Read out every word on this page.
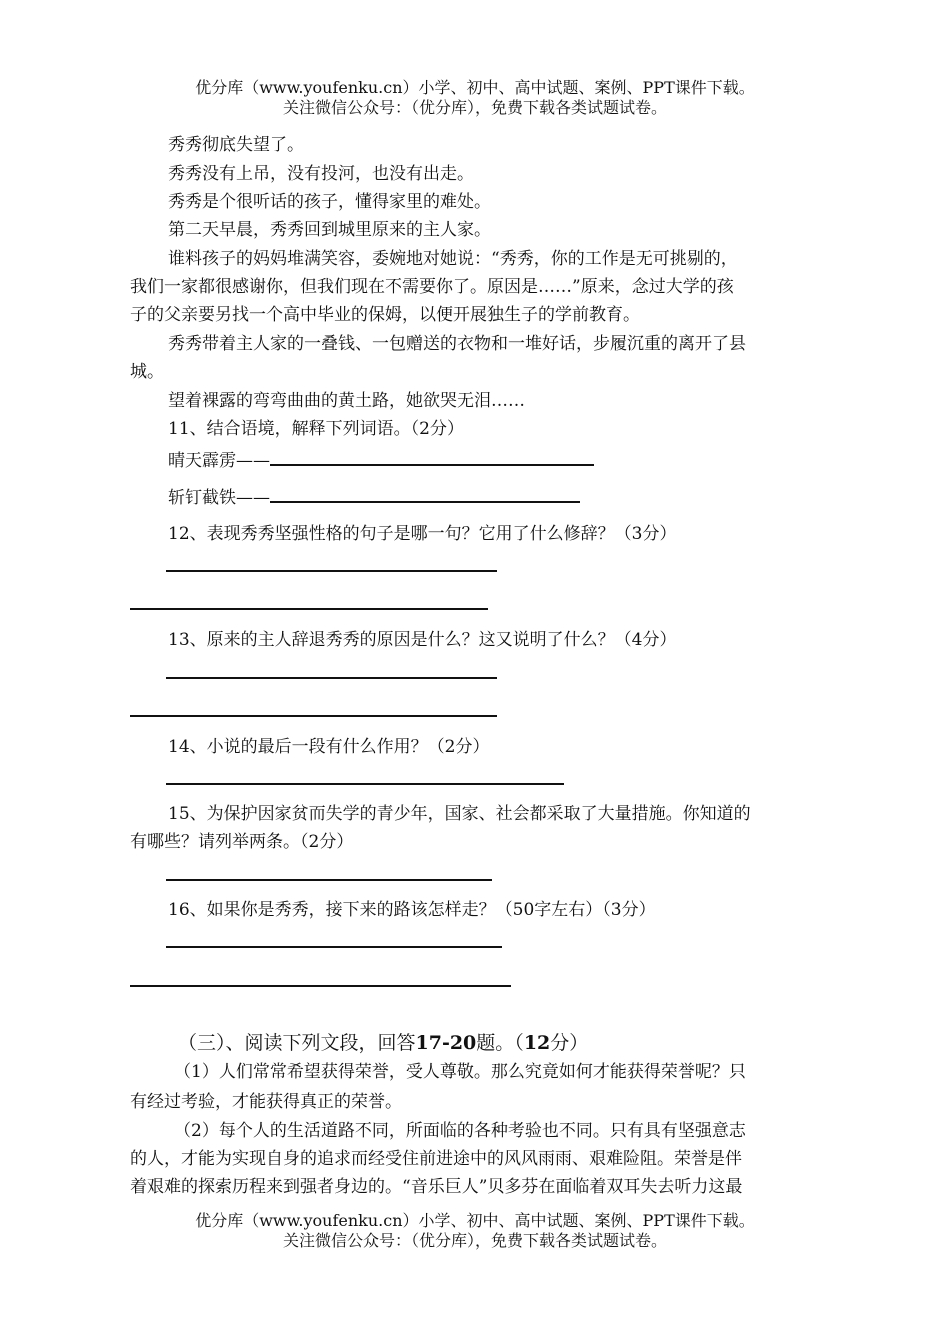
优分库（www.youfenku.cn）小学、初中、高中试题、案例、PPT课件下载。
关注微信公众号：（优分库），免费下载各类试题试卷。
秀秀彻底失望了。
秀秀没有上吊，没有投河，也没有出走。
秀秀是个很听话的孩子，懂得家里的难处。
第二天早晨，秀秀回到城里原来的主人家。
谁料孩子的妈妈堆满笑容，委婉地对她说：“秀秀，你的工作是无可挑剔的，
我们一家都很感谢你，但我们现在不需要你了。原因是……”原来，念过大学的孩
子的父亲要另找一个高中毕业的保姆，以便开展独生子的学前教育。
秀秀带着主人家的一叠钱、一包赠送的衣物和一堆好话，步履沉重的离开了县
城。
望着裸露的弯弯曲曲的黄土路，她欲哭无泪……
11、结合语境，解释下列词语。（2分）
晴天霹雳——
斩钉截铁——
12、表现秀秀坚强性格的句子是哪一句？它用了什么修辞？（3分）
13、原来的主人辞退秀秀的原因是什么？这又说明了什么？（4分）
14、小说的最后一段有什么作用？（2分）
15、为保护因家贫而失学的青少年，国家、社会都采取了大量措施。你知道的
有哪些？请列举两条。（2分）
16、如果你是秀秀，接下来的路该怎样走？（50字左右）（3分）
（三）、阅读下列文段，回答17-20题。（12分）
（1）人们常常希望获得荣誉，受人尊敬。那么究竟如何才能获得荣誉呢？只
有经过考验，才能获得真正的荣誉。
（2）每个人的生活道路不同，所面临的各种考验也不同。只有具有坚强意志
的人，才能为实现自身的追求而经受住前进途中的风风雨雨、艰难险阻。荣誉是伴
着艰难的探索历程来到强者身边的。“音乐巨人”贝多芬在面临着双耳失去听力这最
优分库（www.youfenku.cn）小学、初中、高中试题、案例、PPT课件下载。
关注微信公众号：（优分库），免费下载各类试题试卷。
